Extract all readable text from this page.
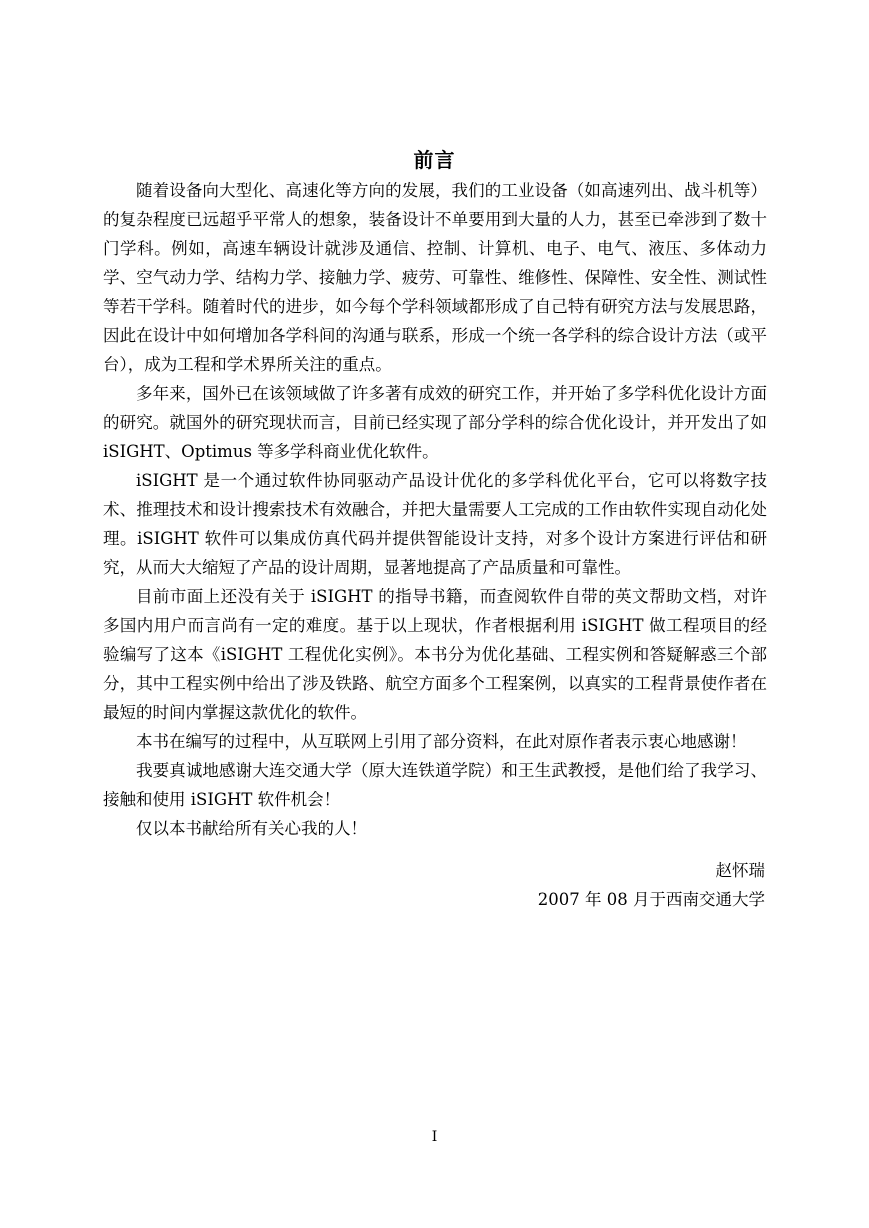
前言

随着设备向大型化、高速化等方向的发展，我们的工业设备（如高速列出、战斗机等）的复杂程度已远超乎平常人的想象，装备设计不单要用到大量的人力，甚至已牵涉到了数十门学科。例如，高速车辆设计就涉及通信、控制、计算机、电子、电气、液压、多体动力学、空气动力学、结构力学、接触力学、疲劳、可靠性、维修性、保障性、安全性、测试性等若干学科。随着时代的进步，如今每个学科领域都形成了自己特有研究方法与发展思路，因此在设计中如何增加各学科间的沟通与联系，形成一个统一各学科的综合设计方法（或平台），成为工程和学术界所关注的重点。

多年来，国外已在该领域做了许多著有成效的研究工作，并开始了多学科优化设计方面的研究。就国外的研究现状而言，目前已经实现了部分学科的综合优化设计，并开发出了如 iSIGHT、Optimus 等多学科商业优化软件。

iSIGHT 是一个通过软件协同驱动产品设计优化的多学科优化平台，它可以将数字技术、推理技术和设计搜索技术有效融合，并把大量需要人工完成的工作由软件实现自动化处理。iSIGHT 软件可以集成仿真代码并提供智能设计支持，对多个设计方案进行评估和研究，从而大大缩短了产品的设计周期，显著地提高了产品质量和可靠性。

目前市面上还没有关于 iSIGHT 的指导书籍，而查阅软件自带的英文帮助文档，对许多国内用户而言尚有一定的难度。基于以上现状，作者根据利用 iSIGHT 做工程项目的经验编写了这本《iSIGHT 工程优化实例》。本书分为优化基础、工程实例和答疑解惑三个部分，其中工程实例中给出了涉及铁路、航空方面多个工程案例，以真实的工程背景使作者在最短的时间内掌握这款优化的软件。

本书在编写的过程中，从互联网上引用了部分资料，在此对原作者表示衷心地感谢！

我要真诚地感谢大连交通大学（原大连铁道学院）和王生武教授，是他们给了我学习、接触和使用 iSIGHT 软件机会！

仅以本书献给所有关心我的人！

赵怀瑞
2007 年 08 月于西南交通大学
I
